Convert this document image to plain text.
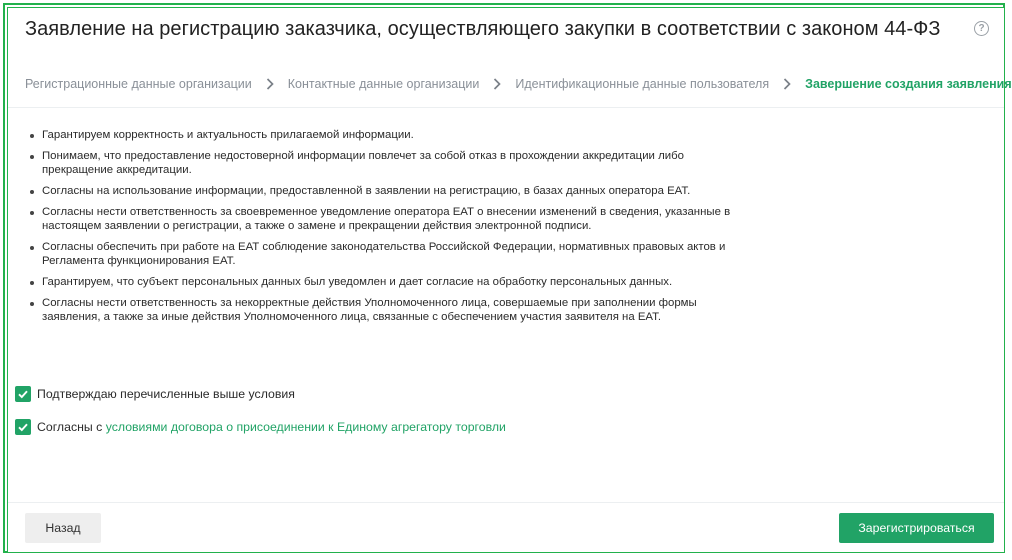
Заявление на регистрацию заказчика, осуществляющего закупки в соответствии с законом 44-ФЗ	?
Регистрационные данные организации	Контактные данные организации	Идентификационные данные пользователя	Завершение создания заявления
Гарантируем корректность и актуальность прилагаемой информации.
Понимаем, что предоставление недостоверной информации повлечет за собой отказ в прохождении аккредитации либо прекращение аккредитации.
Согласны на использование информации, предоставленной в заявлении на регистрацию, в базах данных оператора ЕАТ.
Согласны нести ответственность за своевременное уведомление оператора ЕАТ о внесении изменений в сведения, указанные в настоящем заявлении о регистрации, а также о замене и прекращении действия электронной подписи.
Согласны обеспечить при работе на ЕАТ соблюдение законодательства Российской Федерации, нормативных правовых актов и Регламента функционирования ЕАТ.
Гарантируем, что субъект персональных данных был уведомлен и дает согласие на обработку персональных данных.
Согласны нести ответственность за некорректные действия Уполномоченного лица, совершаемые при заполнении формы заявления, а также за иные действия Уполномоченного лица, связанные с обеспечением участия заявителя на ЕАТ.
Подтверждаю перечисленные выше условия
Согласны с условиями договора о присоединении к Единому агрегатору торговли
Назад	Зарегистрироваться
